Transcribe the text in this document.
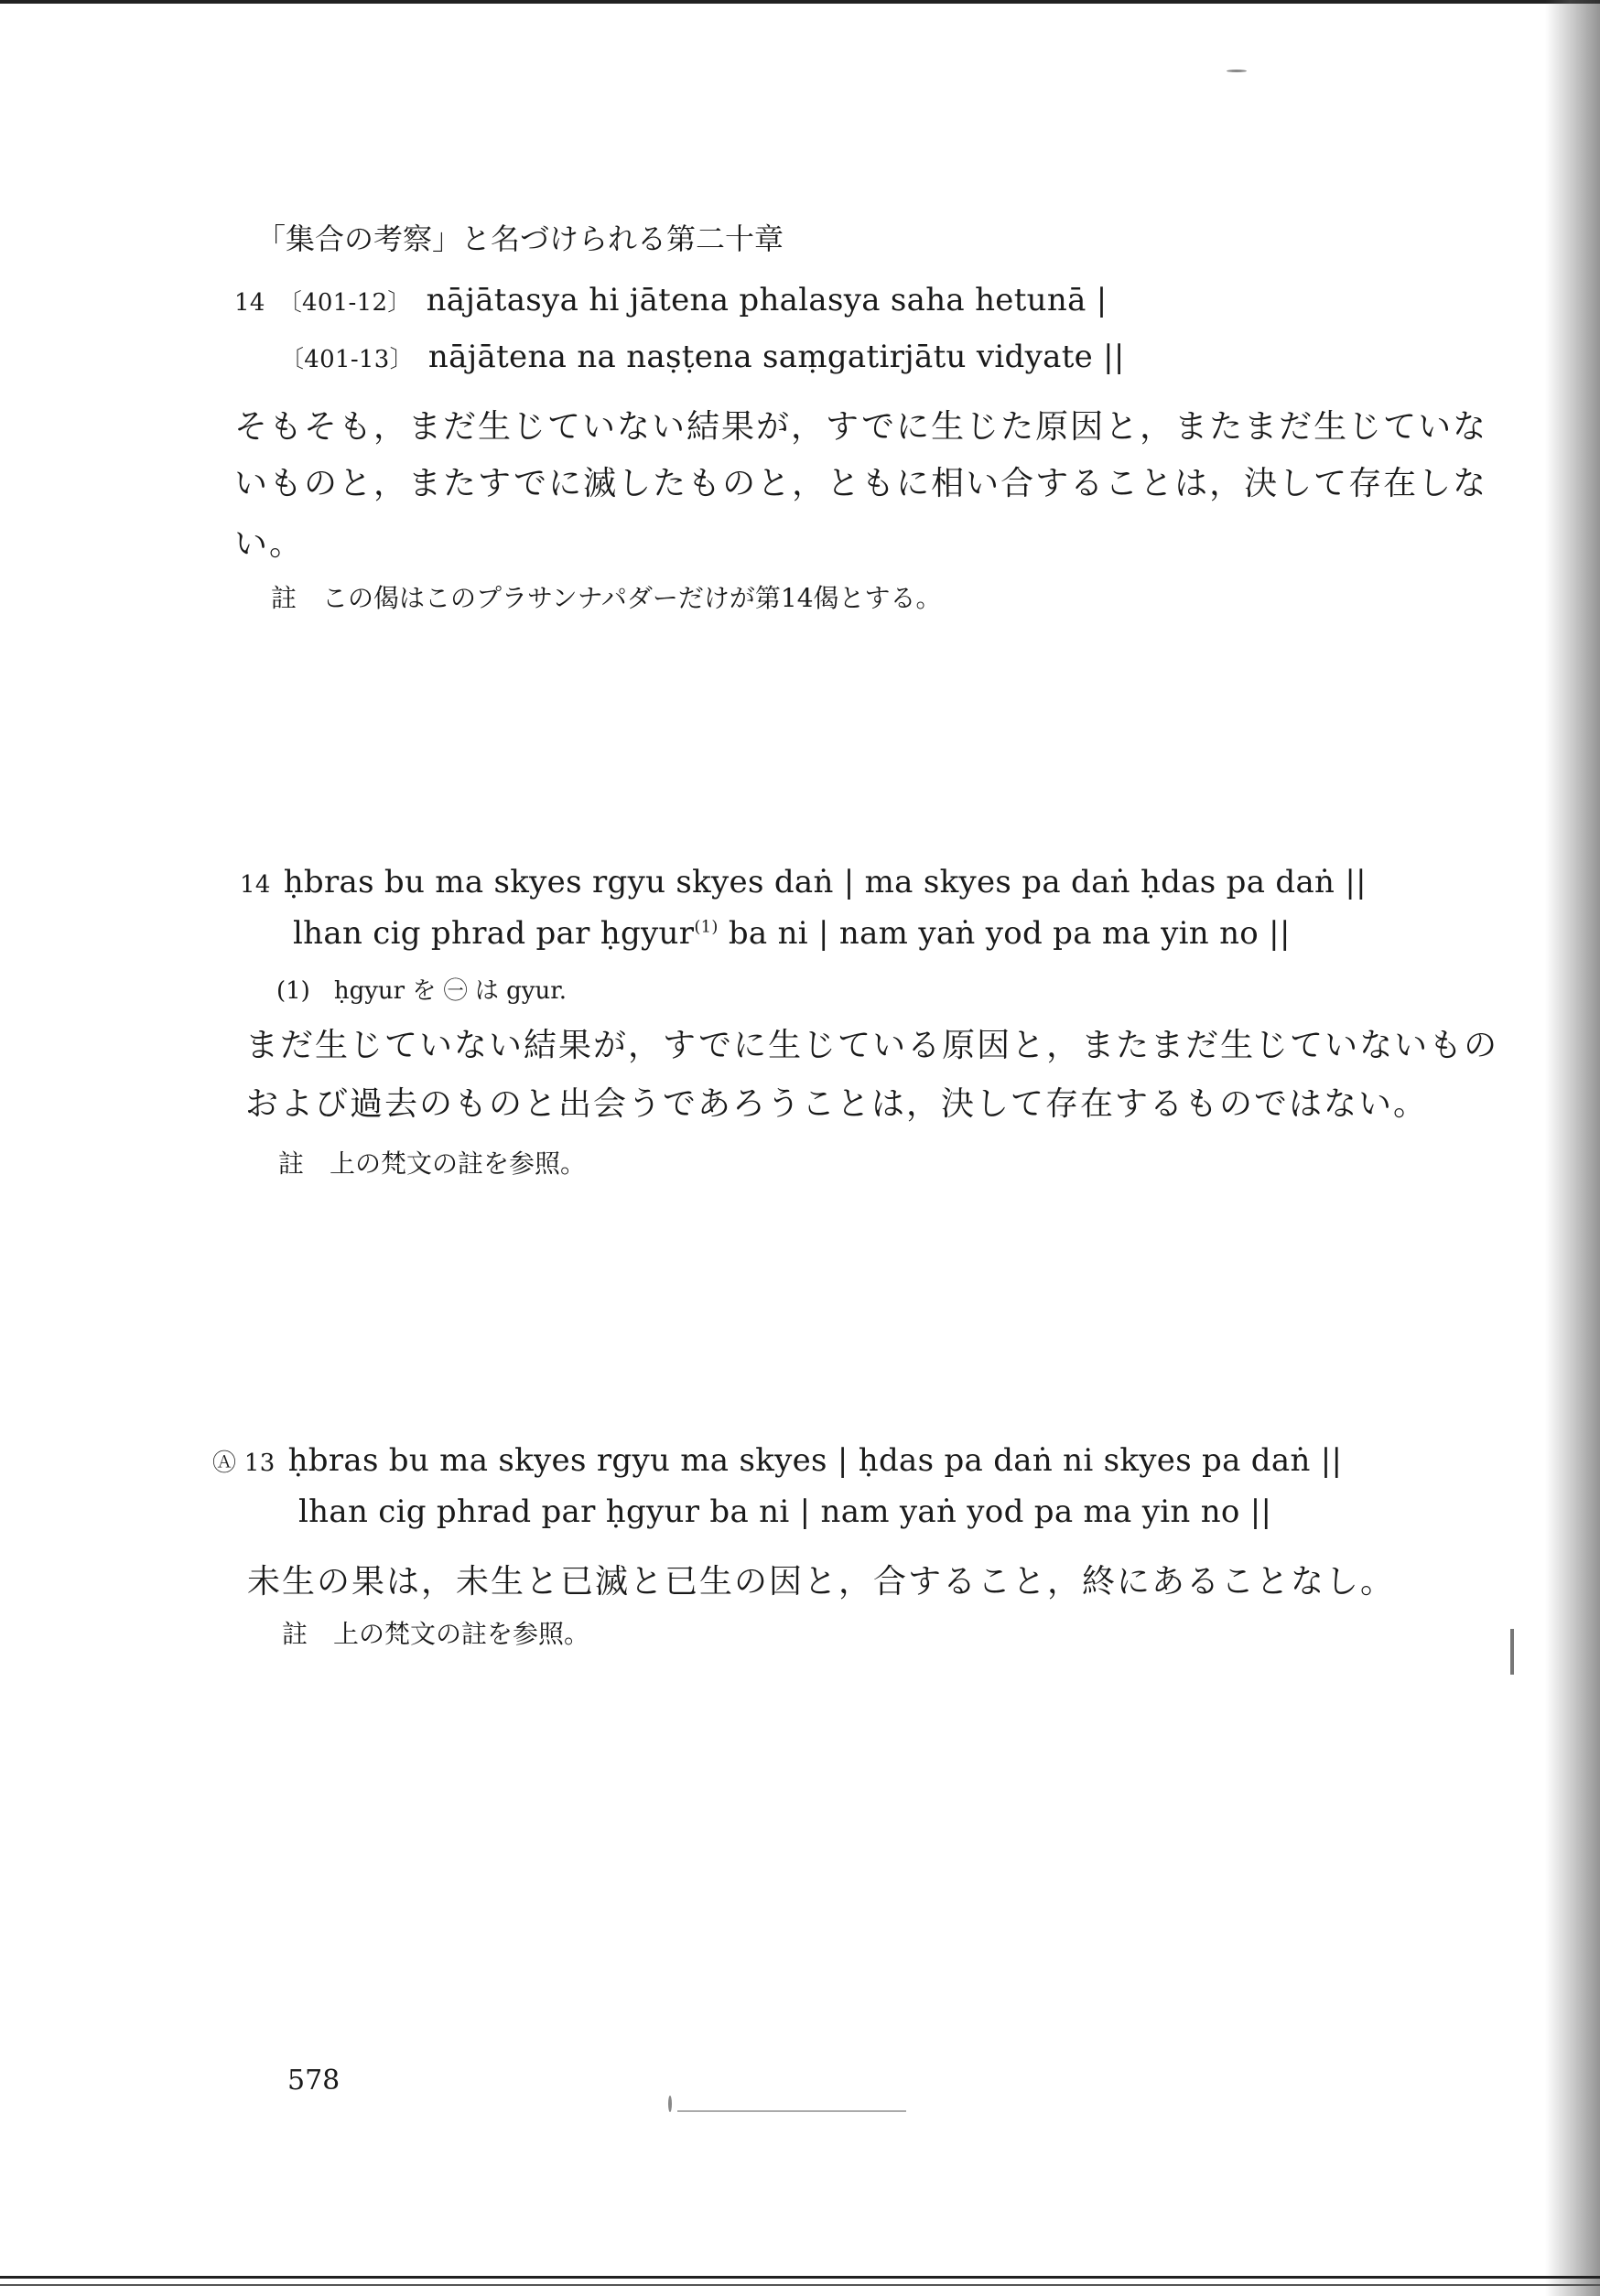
「集合の考察」と名づけられる第二十章
14 〔401-12〕 nājātasya hi jātena phalasya saha hetunā |
〔401-13〕 nājātena na naṣṭena saṃgatirjātu vidyate ||
そもそも，まだ生じていない結果が，すでに生じた原因と，またまだ生じていな
いものと，またすでに滅したものと，ともに相い合することは，決して存在しな
い。
註　この偈はこのプラサンナパダーだけが第14偈とする。
14 ḥbras bu ma skyes rgyu skyes daṅ | ma skyes pa daṅ ḥdas pa daṅ ||
lhan cig phrad par ḥgyur$^{(1)}$ ba ni | nam yaṅ yod pa ma yin no ||
(1)　ḥgyur を ㊀ は gyur.
まだ生じていない結果が，すでに生じている原因と，またまだ生じていないもの
および過去のものと出会うであろうことは，決して存在するものではない。
註　上の梵文の註を参照。
Ⓐ 13 ḥbras bu ma skyes rgyu ma skyes | ḥdas pa daṅ ni skyes pa daṅ ||
lhan cig phrad par ḥgyur ba ni | nam yaṅ yod pa ma yin no ||
未生の果は，未生と已滅と已生の因と，合すること，終にあることなし。
註　上の梵文の註を参照。
578
